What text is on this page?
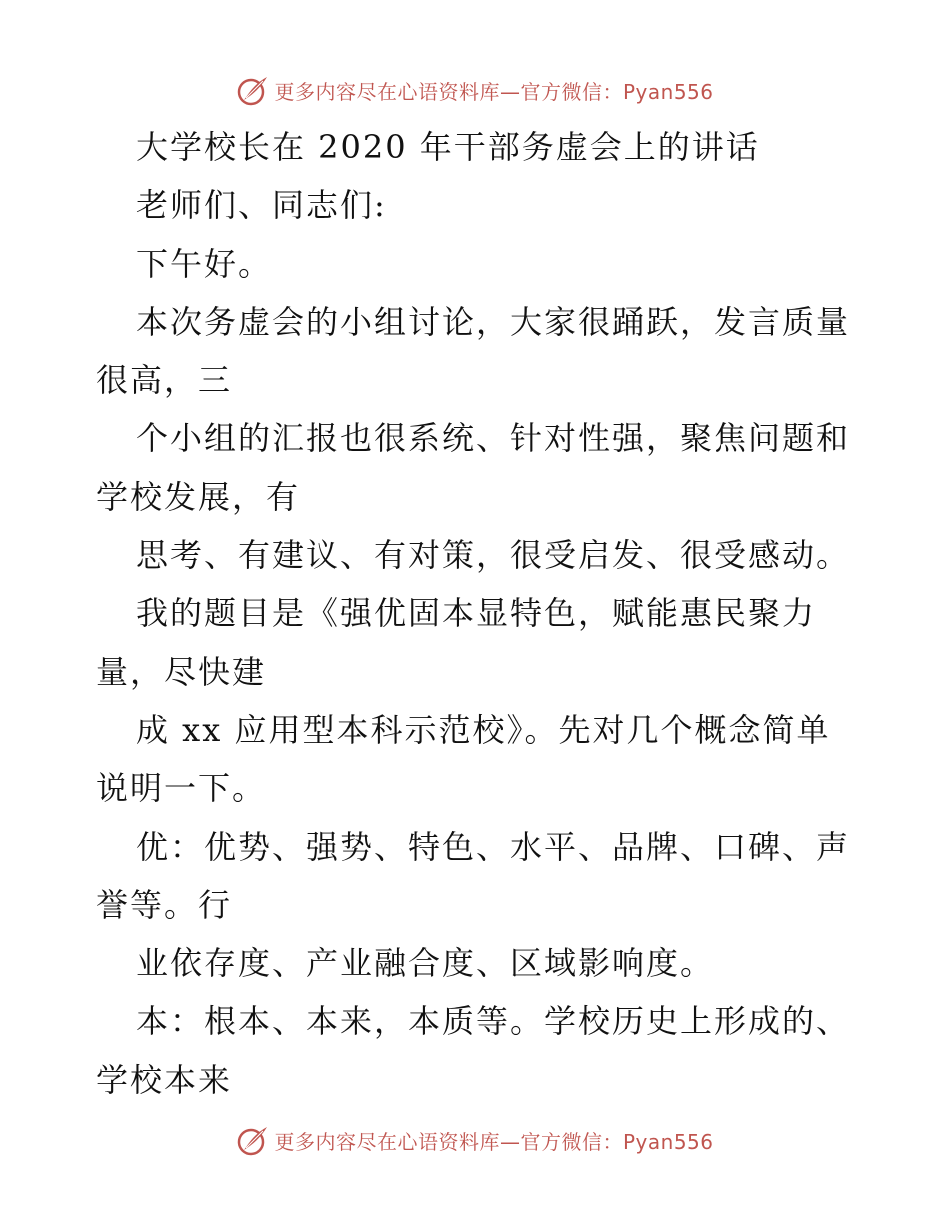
更多内容尽在心语资料库—官方微信：Pyan556
大学校长在 2020 年干部务虚会上的讲话
老师们、同志们:
下午好。
本次务虚会的小组讨论，大家很踊跃，发言质量
很高，三
个小组的汇报也很系统、针对性强，聚焦问题和
学校发展，有
思考、有建议、有对策，很受启发、很受感动。
我的题目是《强优固本显特色，赋能惠民聚力
量，尽快建
成 xx 应用型本科示范校》。先对几个概念简单
说明一下。
优：优势、强势、特色、水平、品牌、口碑、声
誉等。行
业依存度、产业融合度、区域影响度。
本：根本、本来，本质等。学校历史上形成的、
学校本来
更多内容尽在心语资料库—官方微信：Pyan556
